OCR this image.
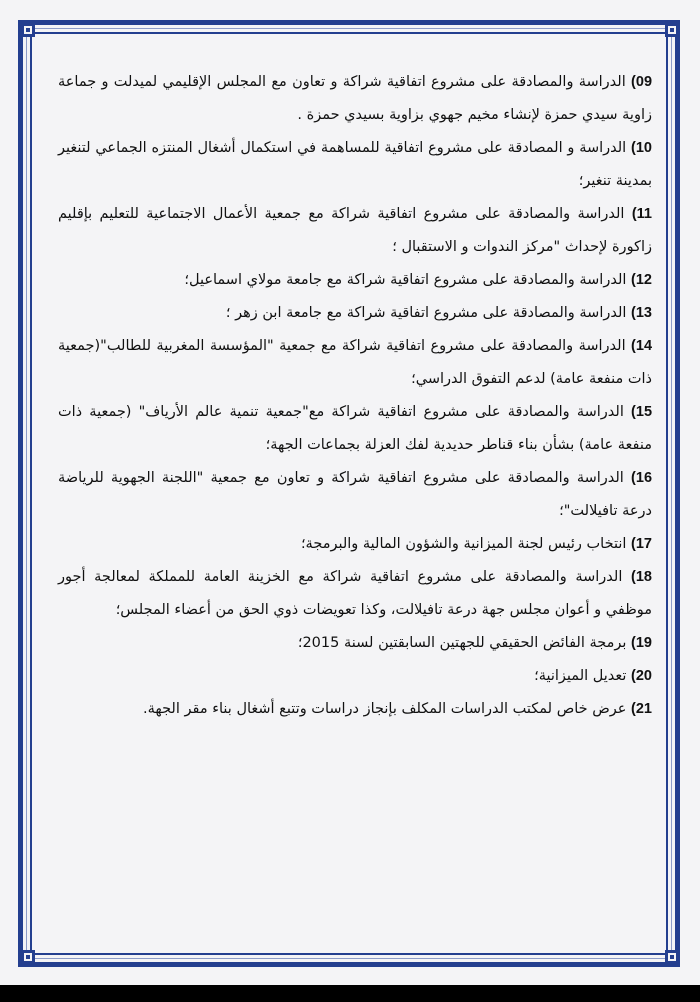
09) الدراسة والمصادقة على مشروع اتفاقية شراكة و تعاون مع المجلس الإقليمي لميدلت و جماعة زاوية سيدي حمزة لإنشاء مخيم جهوي بزاوية بسيدي حمزة .

10) الدراسة و المصادقة على مشروع اتفاقية للمساهمة في استكمال أشغال المنتزه الجماعي لتنغير بمدينة تنغير؛

11) الدراسة والمصادقة على مشروع اتفاقية شراكة مع جمعية الأعمال الاجتماعية للتعليم بإقليم زاكورة لإحداث "مركز الندوات و الاستقبال ؛

12) الدراسة والمصادقة على مشروع اتفاقية شراكة مع جامعة مولاي اسماعيل؛

13) الدراسة والمصادقة على مشروع اتفاقية شراكة مع جامعة ابن زهر ؛

14) الدراسة والمصادقة على مشروع اتفاقية شراكة مع جمعية "المؤسسة المغربية للطالب"(جمعية ذات منفعة عامة) لدعم التفوق الدراسي؛

15) الدراسة والمصادقة على مشروع اتفاقية شراكة مع"جمعية تنمية عالم الأرياف" (جمعية ذات منفعة عامة) بشأن بناء قناطر حديدية لفك العزلة بجماعات الجهة؛

16) الدراسة والمصادقة على مشروع اتفاقية شراكة و تعاون مع جمعية "اللجنة الجهوية للرياضة درعة تافيلالت"؛

17) انتخاب رئيس لجنة الميزانية والشؤون المالية والبرمجة؛

18) الدراسة والمصادقة على مشروع اتفاقية شراكة مع الخزينة العامة للمملكة لمعالجة أجور موظفي و أعوان مجلس جهة درعة تافيلالت، وكذا تعويضات ذوي الحق من أعضاء المجلس؛

19) برمجة الفائض الحقيقي للجهتين السابقتين لسنة 2015؛

20) تعديل الميزانية؛

21) عرض خاص لمكتب الدراسات المكلف بإنجاز دراسات وتتبع أشغال بناء مقر الجهة.
